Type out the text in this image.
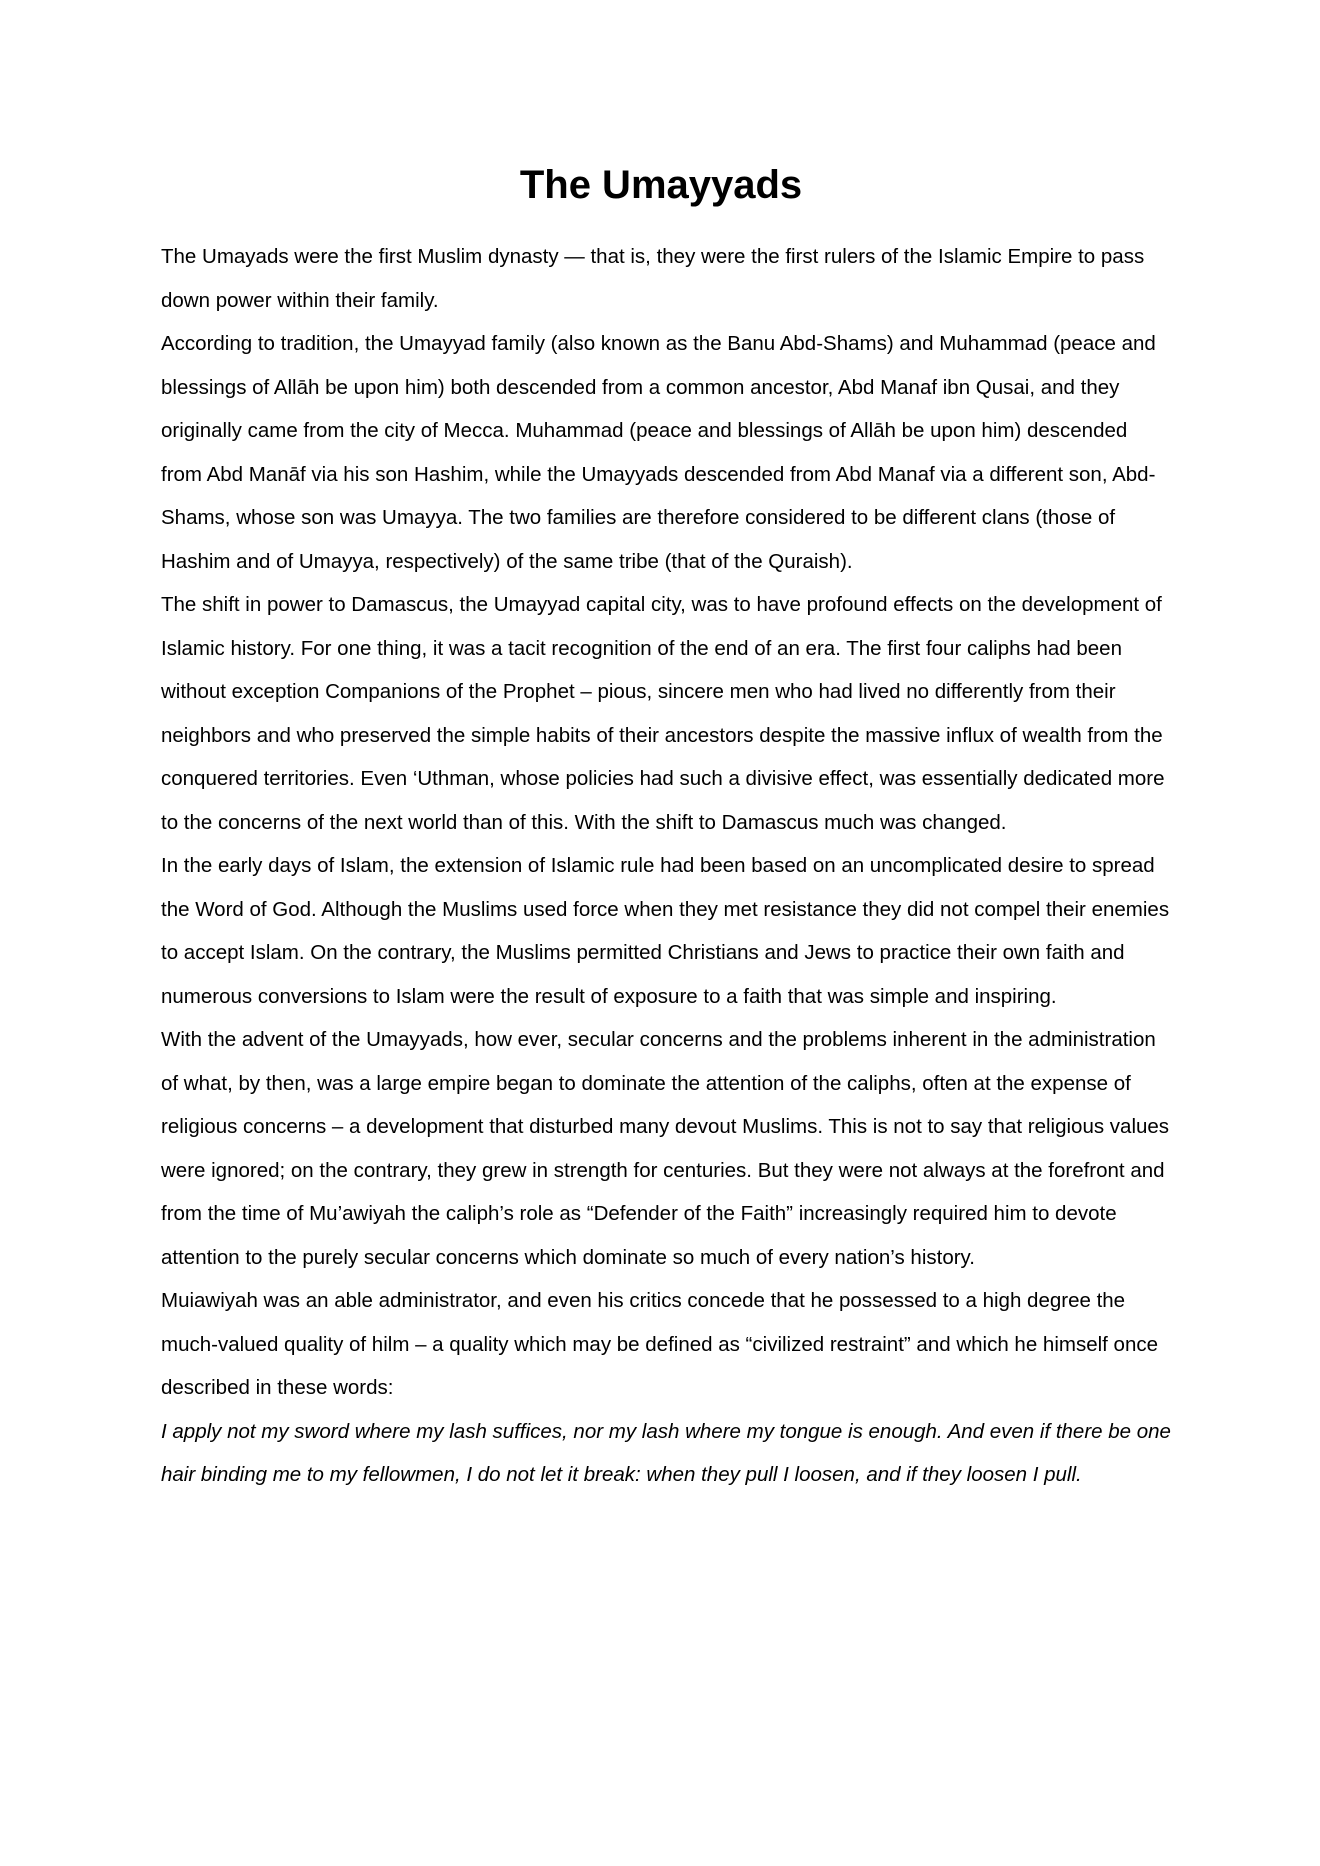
The Umayyads

The Umayads were the first Muslim dynasty — that is, they were the first rulers of the Islamic Empire to pass down power within their family.

According to tradition, the Umayyad family (also known as the Banu Abd-Shams) and Muhammad (peace and blessings of Allāh be upon him) both descended from a common ancestor, Abd Manaf ibn Qusai, and they originally came from the city of Mecca. Muhammad (peace and blessings of Allāh be upon him) descended from Abd Manāf via his son Hashim, while the Umayyads descended from Abd Manaf via a different son, Abd-Shams, whose son was Umayya. The two families are therefore considered to be different clans (those of Hashim and of Umayya, respectively) of the same tribe (that of the Quraish).

The shift in power to Damascus, the Umayyad capital city, was to have profound effects on the development of Islamic history. For one thing, it was a tacit recognition of the end of an era. The first four caliphs had been without exception Companions of the Prophet – pious, sincere men who had lived no differently from their neighbors and who preserved the simple habits of their ancestors despite the massive influx of wealth from the conquered territories. Even ‘Uthman, whose policies had such a divisive effect, was essentially dedicated more to the concerns of the next world than of this. With the shift to Damascus much was changed.

In the early days of Islam, the extension of Islamic rule had been based on an uncomplicated desire to spread the Word of God. Although the Muslims used force when they met resistance they did not compel their enemies to accept Islam. On the contrary, the Muslims permitted Christians and Jews to practice their own faith and numerous conversions to Islam were the result of exposure to a faith that was simple and inspiring.

With the advent of the Umayyads, how ever, secular concerns and the problems inherent in the administration of what, by then, was a large empire began to dominate the attention of the caliphs, often at the expense of religious concerns – a development that disturbed many devout Muslims. This is not to say that religious values were ignored; on the contrary, they grew in strength for centuries. But they were not always at the forefront and from the time of Mu’awiyah the caliph’s role as “Defender of the Faith” increasingly required him to devote attention to the purely secular concerns which dominate so much of every nation’s history.

Muiawiyah was an able administrator, and even his critics concede that he possessed to a high degree the much-valued quality of hilm – a quality which may be defined as “civilized restraint” and which he himself once described in these words:

I apply not my sword where my lash suffices, nor my lash where my tongue is enough. And even if there be one hair binding me to my fellowmen, I do not let it break: when they pull I loosen, and if they loosen I pull.
